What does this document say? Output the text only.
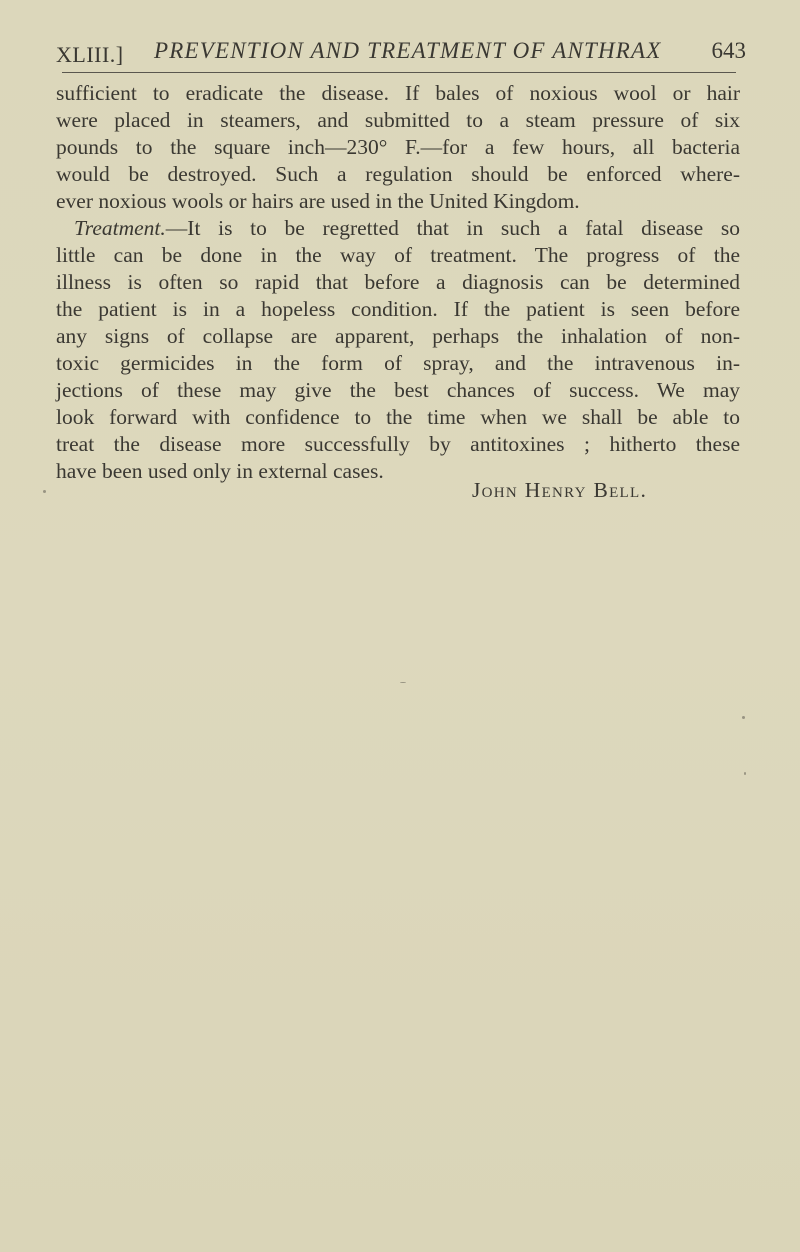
XLIII.] PREVENTION AND TREATMENT OF ANTHRAX 643
sufficient to eradicate the disease. If bales of noxious wool or hair
were placed in steamers, and submitted to a steam pressure of six
pounds to the square inch—230° F.—for a few hours, all bacteria
would be destroyed. Such a regulation should be enforced where-
ever noxious wools or hairs are used in the United Kingdom.
Treatment.—It is to be regretted that in such a fatal disease so
little can be done in the way of treatment. The progress of the
illness is often so rapid that before a diagnosis can be determined
the patient is in a hopeless condition. If the patient is seen before
any signs of collapse are apparent, perhaps the inhalation of non-
toxic germicides in the form of spray, and the intravenous in-
jections of these may give the best chances of success. We may
look forward with confidence to the time when we shall be able to
treat the disease more successfully by antitoxines ; hitherto these
have been used only in external cases.
John Henry Bell.
